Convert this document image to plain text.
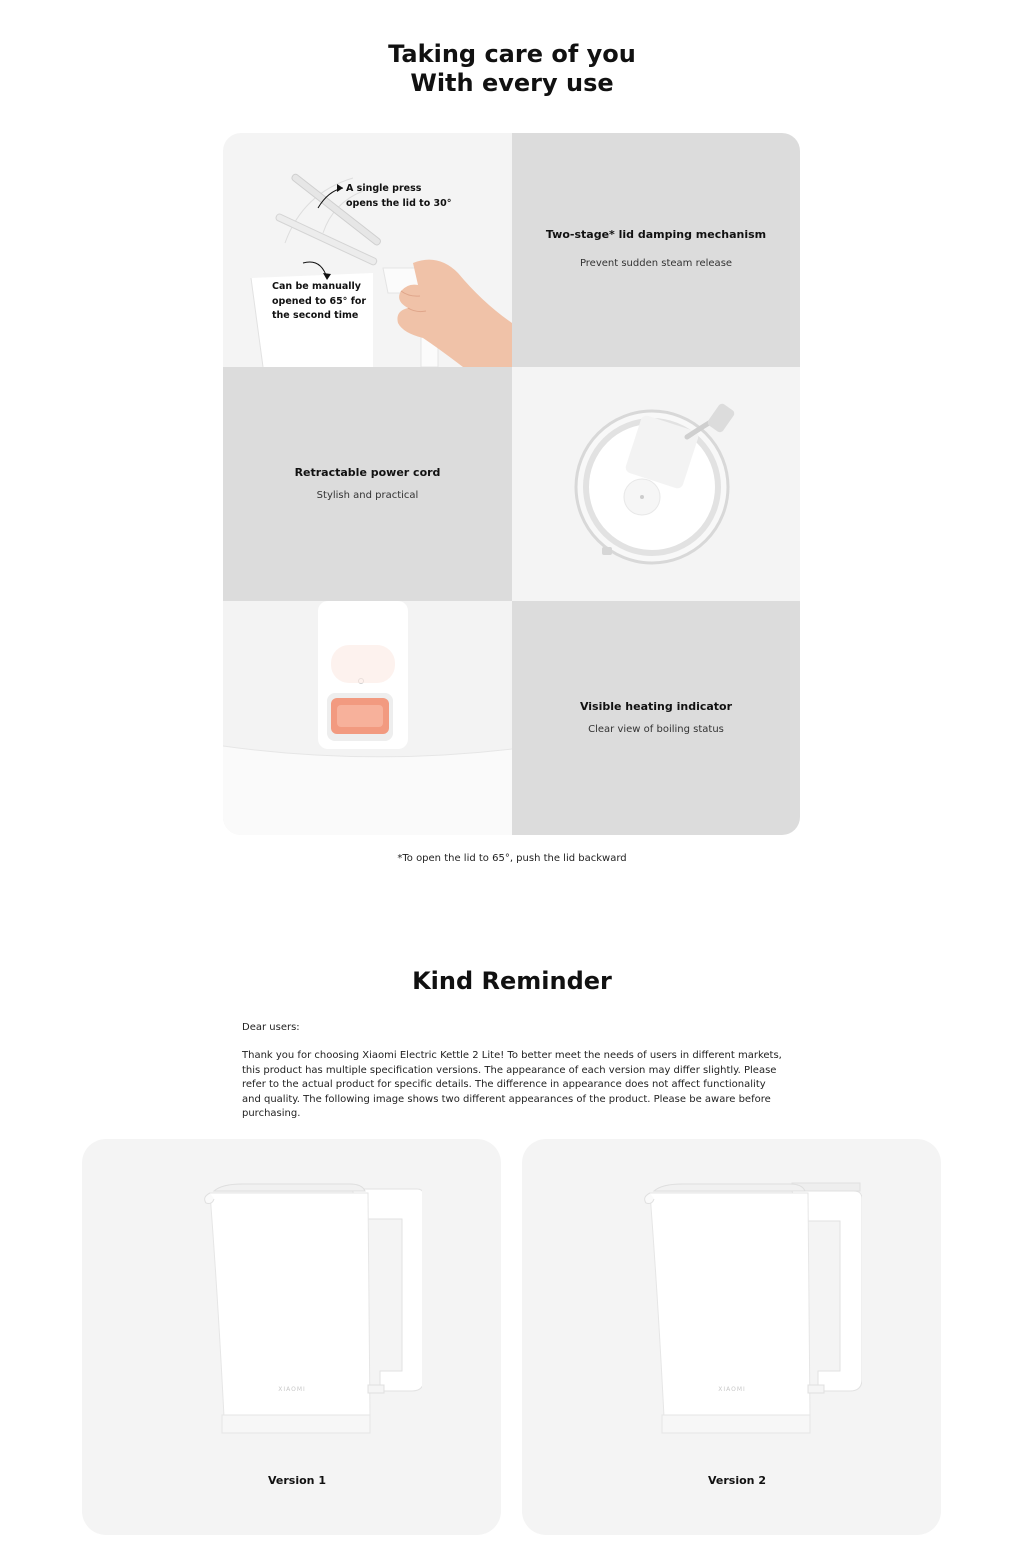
Taking care of you
With every use
A single press opens the lid to 30°
Can be manually opened to 65° for the second time
Two-stage* lid damping mechanism

Prevent sudden steam release

Retractable power cord

Stylish and practical

Visible heating indicator

Clear view of boiling status

*To open the lid to 65°, push the lid backward
Kind Reminder
Dear users:
Thank you for choosing Xiaomi Electric Kettle 2 Lite! To better meet the needs of users in different markets, this product has multiple specification versions. The appearance of each version may differ slightly. Please refer to the actual product for specific details. The difference in appearance does not affect functionality and quality. The following image shows two different appearances of the product. Please be aware before purchasing.
XIAOMI
Version 1
XIAOMI
Version 2
